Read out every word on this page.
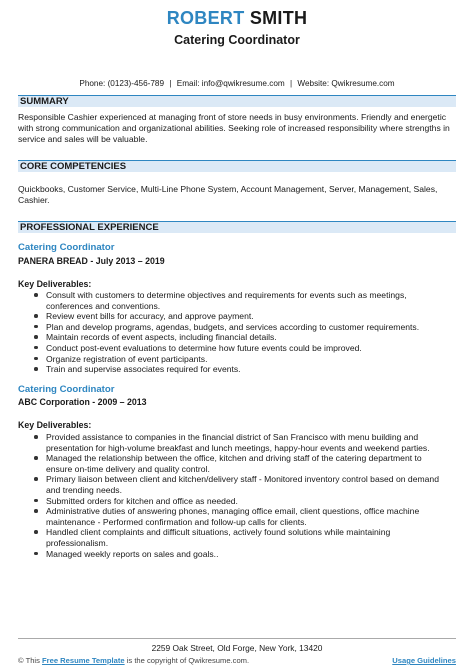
ROBERT SMITH
Catering Coordinator
Phone: (0123)-456-789 | Email: info@qwikresume.com | Website: Qwikresume.com
SUMMARY
Responsible Cashier experienced at managing front of store needs in busy environments. Friendly and energetic with strong communication and organizational abilities. Seeking role of increased responsibility where strengths in service and sales will be valuable.
CORE COMPETENCIES
Quickbooks, Customer Service, Multi-Line Phone System, Account Management, Server, Management, Sales, Cashier.
PROFESSIONAL EXPERIENCE
Catering Coordinator
PANERA BREAD - July 2013 – 2019
Key Deliverables:
Consult with customers to determine objectives and requirements for events such as meetings, conferences and conventions.
Review event bills for accuracy, and approve payment.
Plan and develop programs, agendas, budgets, and services according to customer requirements.
Maintain records of event aspects, including financial details.
Conduct post-event evaluations to determine how future events could be improved.
Organize registration of event participants.
Train and supervise associates required for events.
Catering Coordinator
ABC Corporation - 2009 – 2013
Key Deliverables:
Provided assistance to companies in the financial district of San Francisco with menu building and presentation for high-volume breakfast and lunch meetings, happy-hour events and weekend parties.
Managed the relationship between the office, kitchen and driving staff of the catering department to ensure on-time delivery and quality control.
Primary liaison between client and kitchen/delivery staff - Monitored inventory control based on demand and trending needs.
Submitted orders for kitchen and office as needed.
Administrative duties of answering phones, managing office email, client questions, office machine maintenance - Performed confirmation and follow-up calls for clients.
Handled client complaints and difficult situations, actively found solutions while maintaining professionalism.
Managed weekly reports on sales and goals..
2259 Oak Street, Old Forge, New York, 13420
© This Free Resume Template is the copyright of Qwikresume.com.	Usage Guidelines
